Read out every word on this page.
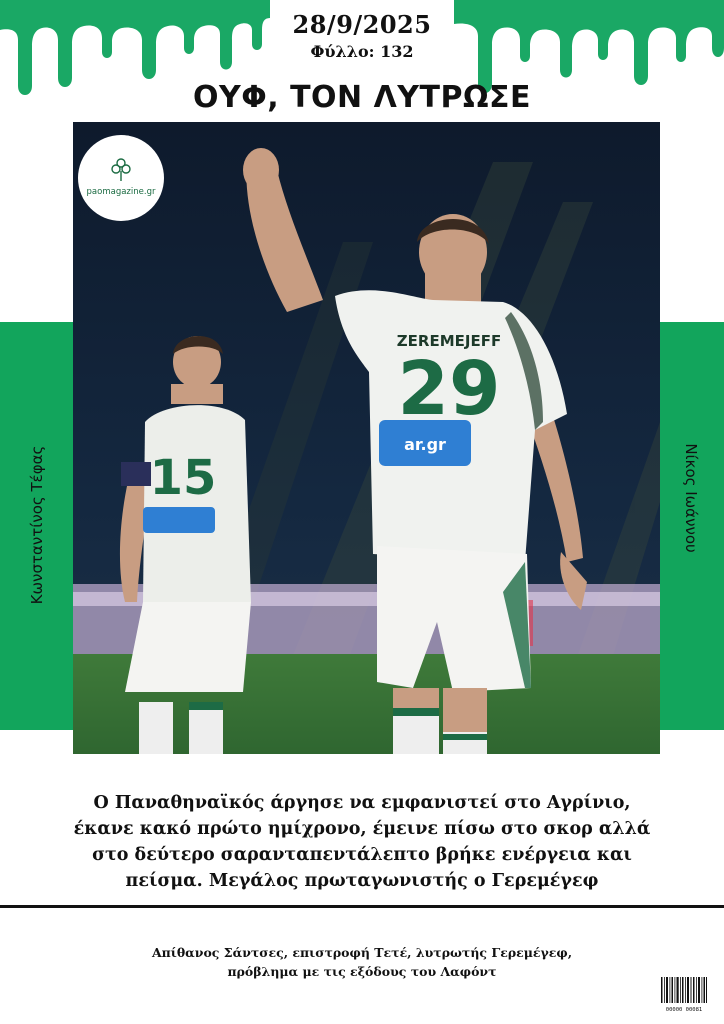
28/9/2025
Φύλλο: 132
ΟΥΦ, ΤΟΝ ΛΥΤΡΩΣΕ
Κωνσταντίνος Τέφας	Νίκος Ιωάννου
15
ar.gr
ZEREMEJEFF
29
paomagazine.gr
Ο Παναθηναϊκός άργησε να εμφανιστεί στο Αγρίνιο, έκανε κακό πρώτο ημίχρονο, έμεινε πίσω στο σκορ αλλά στο δεύτερο σαρανταπεντάλεπτο βρήκε ενέργεια και πείσμα. Μεγάλος πρωταγωνιστής ο Γερεμέγεφ
Απίθανος Σάντσες, επιστροφή Τετέ, λυτρωτής Γερεμέγεφ, πρόβλημα με τις εξόδους του Λαφόντ
00000 00081
